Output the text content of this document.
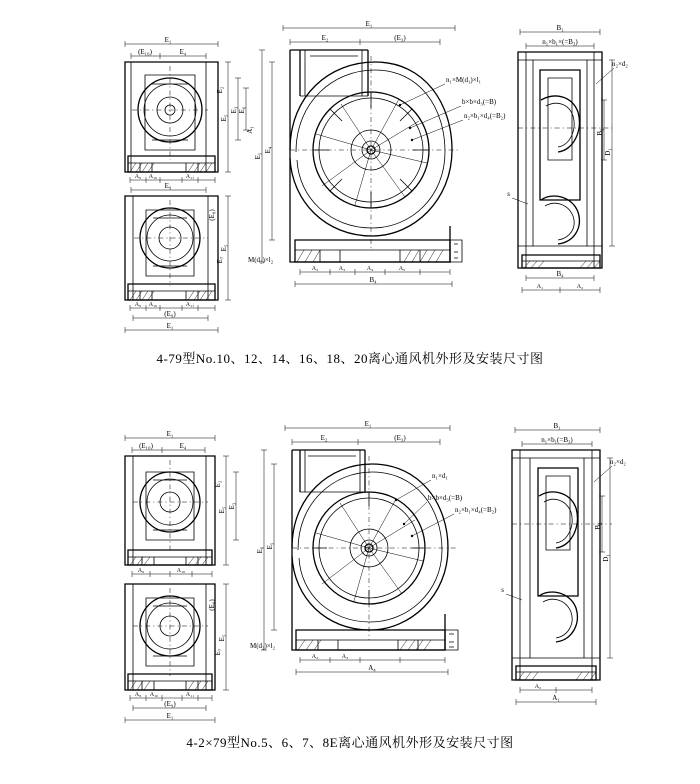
E₁
(E₁₀)	E₄
A₉ A₁₀	A₁₁
E₉
E₅
E₃ E₆
E₂
A₉ A₁₀	A₁₁
(E₉)
E₁
E₅
(E₈)
E₇
E₁
E₂	(E₃)
n₁×M(d₁)×l₁
b×b×d₃(=B)
n₂×b₁×d₄(=B₂)
M(d₂)×l₂
E₅
E₄
A₁
A₂	A₃	A₄	A₅
B₄
B₁
n₁×b₁×(=B₃)
D₁
B₂
n₂×d₂
s
B₄
A₁	A₂
4-79型No.10、12、14、16、18、20离心通风机外形及安装尺寸图
E₁
(E₁₀)	E₄
A₉	A₁₀
E₅
E₃
E₂
A₉ A₁₀	A₁₁
(E₉)
E₁
E₅
(E₈)
E₇
E₁
E₂	(E₃)
n₁×d₁
b×b×d₃(=B)
n₂×b₁×d₄(=B₂)
M(d₂)×l₂
E₆
E₅
A₂	A₃
A₄
B₁
n₁×b₁(=B₃)
D₁
B₂
n₂×d₂
s
A₂
A₁
4-2×79型No.5、6、7、8E离心通风机外形及安装尺寸图
